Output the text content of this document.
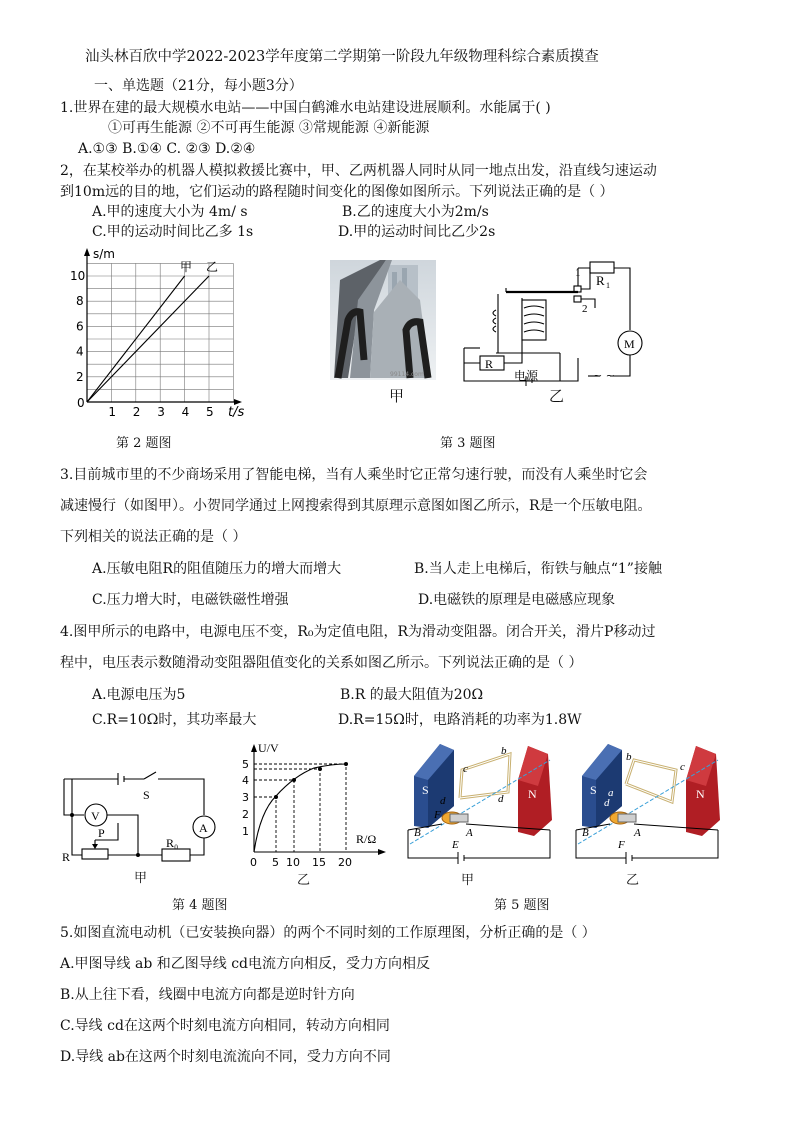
汕头林百欣中学2022-2023学年度第二学期第一阶段九年级物理科综合素质摸查
一、单选题（21分，每小题3分）
1.世界在建的最大规模水电站——中国白鹤滩水电站建设进展顺利。水能属于( )
①可再生能源 ②不可再生能源 ③常规能源 ④新能源
A.①③ B.①④ C. ②③ D.②④
2，在某校举办的机器人模拟救援比赛中，甲、乙两机器人同时从同一地点出发，沿直线匀速运动
到10m远的目的地，它们运动的路程随时间变化的图像如图所示。下列说法正确的是（ ）
A.甲的速度大小为 4m/ s	B.乙的速度大小为2m/s
C.甲的运动时间比乙多 1s	D.甲的运动时间比乙少2s
1 2 3 4 5
10
8
6
4
2
s/m
t/s
0
甲 乙
第 2 题图
99114.com
甲
1
2
R 1
M
R
电源	~ ~
乙
第 3 题图
3.目前城市里的不少商场采用了智能电梯，当有人乘坐时它正常匀速行驶，而没有人乘坐时它会
减速慢行（如图甲）。小贺同学通过上网搜索得到其原理示意图如图乙所示，R是一个压敏电阻。
下列相关的说法正确的是（ ）
A.压敏电阻R的阻值随压力的增大而增大	B.当人走上电梯后，衔铁与触点“1”接触
C.压力增大时，电磁铁磁性增强	D.电磁铁的原理是电磁感应现象
4.图甲所示的电路中，电源电压不变，R₀为定值电阻，R为滑动变阻器。闭合开关，滑片P移动过
程中，电压表示数随滑动变阻器阻值变化的关系如图乙所示。下列说法正确的是（ ）
A.电源电压为5	B.R 的最大阻值为20Ω
C.R=10Ω时，其功率最大	D.R=15Ω时，电路消耗的功率为1.8W
S
V
A
P
R
R₀
甲
U/V
R/Ω
5
4
3
2
1
0 5 10 15 20
乙
S	N
c
b
d	d
F
B	A
E
甲
S	N
b
c
a
d
B	A
F
乙
第 4 题图	第 5 题图
5.如图直流电动机（已安装换向器）的两个不同时刻的工作原理图，分析正确的是（ ）
A.甲图导线 ab 和乙图导线 cd电流方向相反，受力方向相反
B.从上往下看，线圈中电流方向都是逆时针方向
C.导线 cd在这两个时刻电流方向相同，转动方向相同
D.导线 ab在这两个时刻电流流向不同，受力方向不同
